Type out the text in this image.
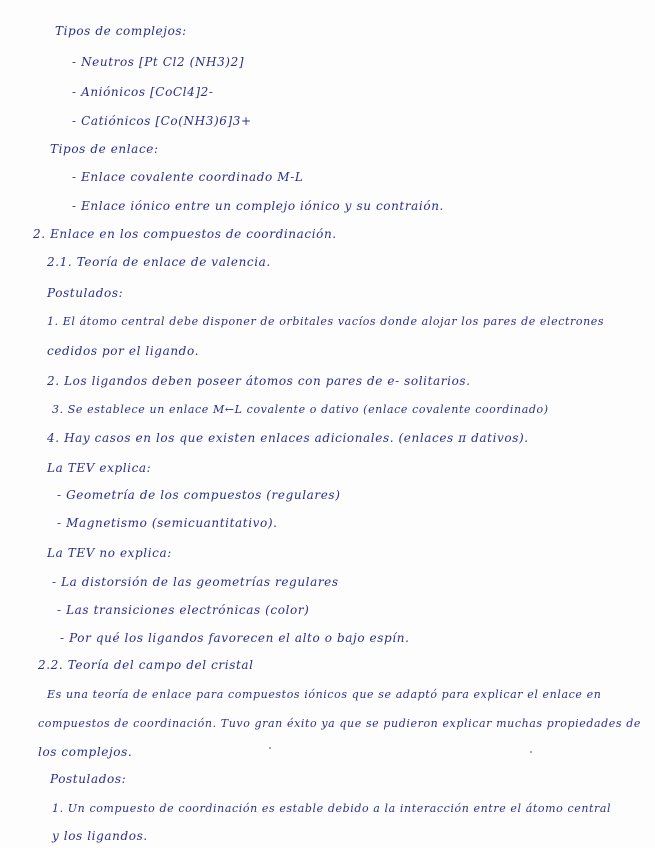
Tipos de complejos:
- Neutros [Pt Cl2 (NH3)2]
- Aniónicos [CoCl4]2-
- Catiónicos [Co(NH3)6]3+
Tipos de enlace:
- Enlace covalente coordinado M-L
- Enlace iónico entre un complejo iónico y su contraión.
2. Enlace en los compuestos de coordinación.
2.1. Teoría de enlace de valencia.
Postulados:
1. El átomo central debe disponer de orbitales vacíos donde alojar los pares de electrones
cedidos por el ligando.
2. Los ligandos deben poseer átomos con pares de e- solitarios.
3. Se establece un enlace M←L covalente o dativo (enlace covalente coordinado)
4. Hay casos en los que existen enlaces adicionales. (enlaces π dativos).
La TEV explica:
- Geometría de los compuestos (regulares)
- Magnetismo (semicuantitativo).
La TEV no explica:
- La distorsión de las geometrías regulares
- Las transiciones electrónicas (color)
- Por qué los ligandos favorecen el alto o bajo espín.
2.2. Teoría del campo del cristal
Es una teoría de enlace para compuestos iónicos que se adaptó para explicar el enlace en
compuestos de coordinación. Tuvo gran éxito ya que se pudieron explicar muchas propiedades de
los complejos.
Postulados:
1. Un compuesto de coordinación es estable debido a la interacción entre el átomo central
y los ligandos.
